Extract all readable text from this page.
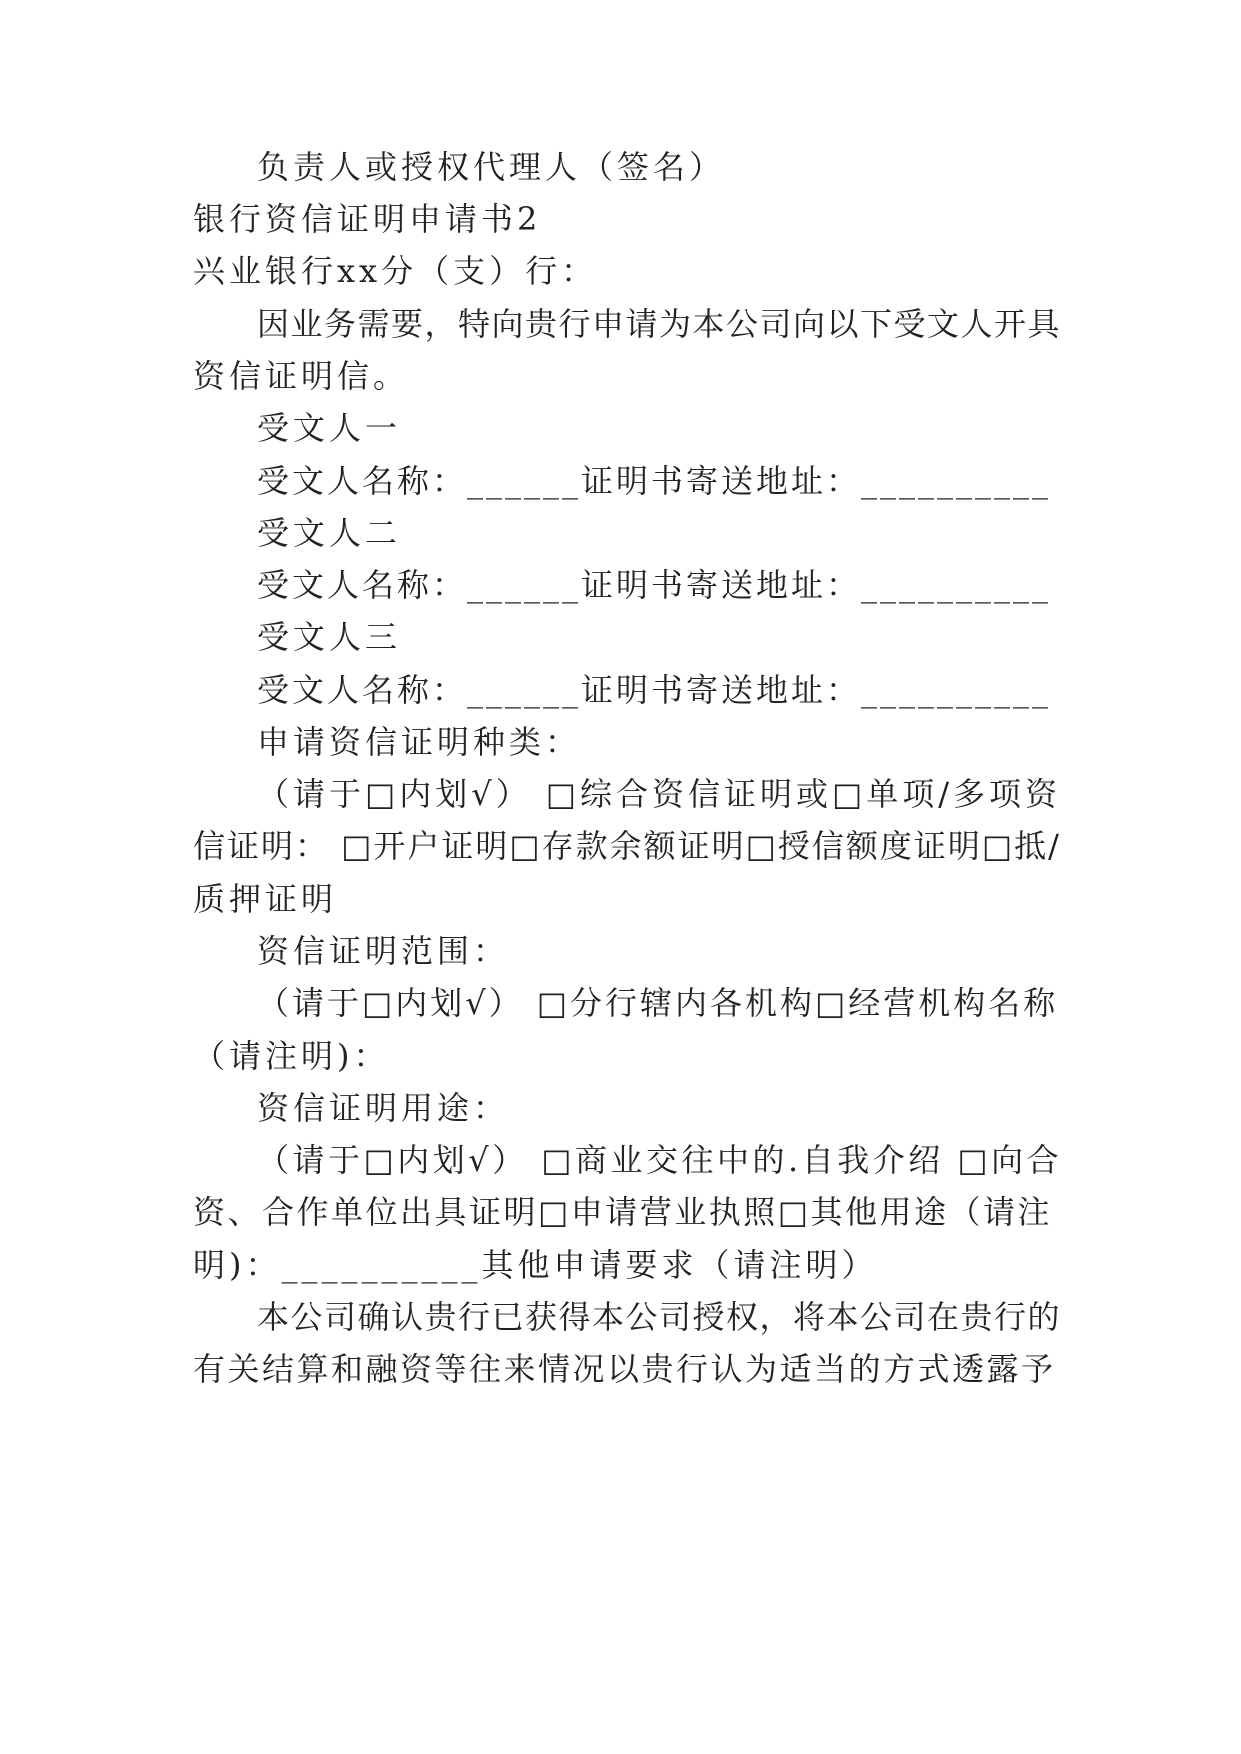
负责人或授权代理人（签名）
银行资信证明申请书2
兴业银行xx分（支）行：
因业务需要，特向贵行申请为本公司向以下受文人开具
资信证明信。
受文人一
受文人名称：______证明书寄送地址：__________
受文人二
受文人名称：______证明书寄送地址：__________
受文人三
受文人名称：______证明书寄送地址：__________
申请资信证明种类：
（请于□内划√） □综合资信证明或□单项/多项资
信证明： □开户证明□存款余额证明□授信额度证明□抵/
质押证明
资信证明范围：
（请于□内划√） □分行辖内各机构□经营机构名称
（请注明)：
资信证明用途：
（请于□内划√） □商业交往中的.自我介绍 □向合
资、合作单位出具证明□申请营业执照□其他用途（请注
明)：__________其他申请要求（请注明）
本公司确认贵行已获得本公司授权，将本公司在贵行的
有关结算和融资等往来情况以贵行认为适当的方式透露予
